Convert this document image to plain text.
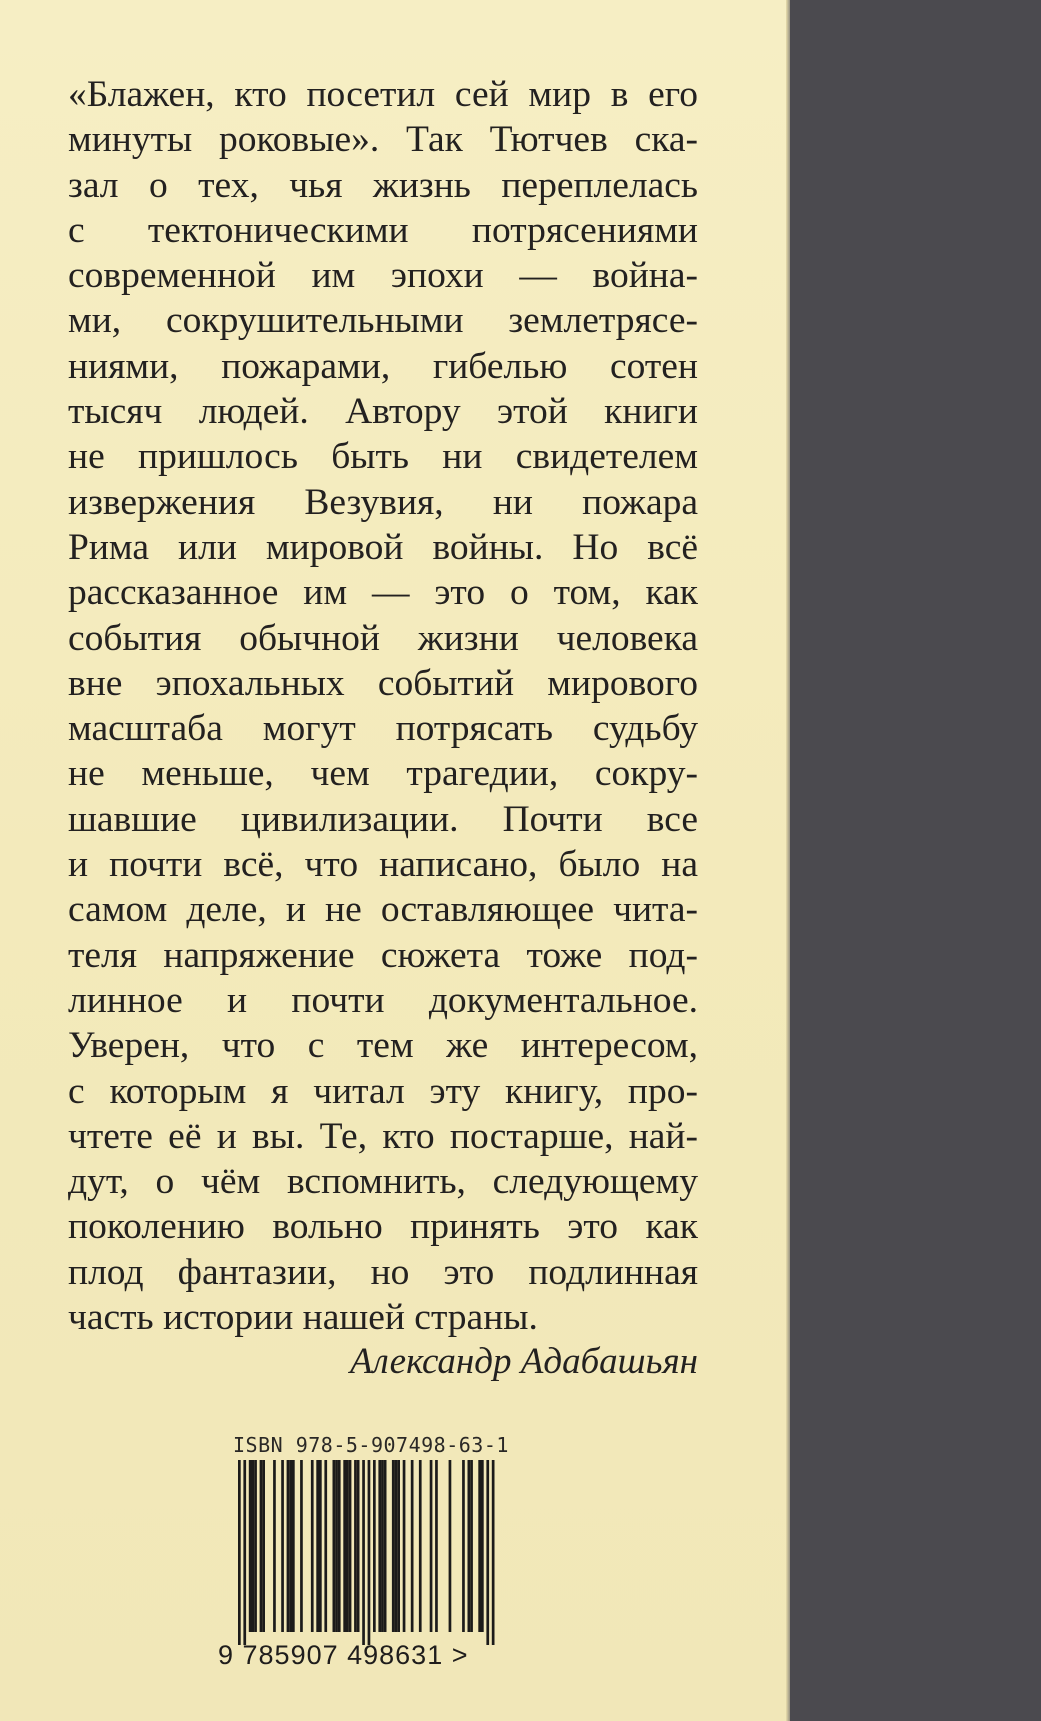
«Блажен, кто посетил сей мир в его
минуты роковые». Так Тютчев ска-
зал о тех, чья жизнь переплелась
с тектоническими потрясениями
современной им эпохи — война-
ми, сокрушительными землетрясе-
ниями, пожарами, гибелью сотен
тысяч людей. Автору этой книги
не пришлось быть ни свидетелем
извержения Везувия, ни пожара
Рима или мировой войны. Но всё
рассказанное им — это о том, как
события обычной жизни человека
вне эпохальных событий мирового
масштаба могут потрясать судьбу
не меньше, чем трагедии, сокру-
шавшие цивилизации. Почти все
и почти всё, что написано, было на
самом деле, и не оставляющее чита-
теля напряжение сюжета тоже под-
линное и почти документальное.
Уверен, что с тем же интересом,
с которым я читал эту книгу, про-
чтете её и вы. Те, кто постарше, най-
дут, о чём вспомнить, следующему
поколению вольно принять это как
плод фантазии, но это подлинная
часть истории нашей страны.

Александр Адабашьян

ISBN 978-5-907498-63-1

9 785907 498631 >
